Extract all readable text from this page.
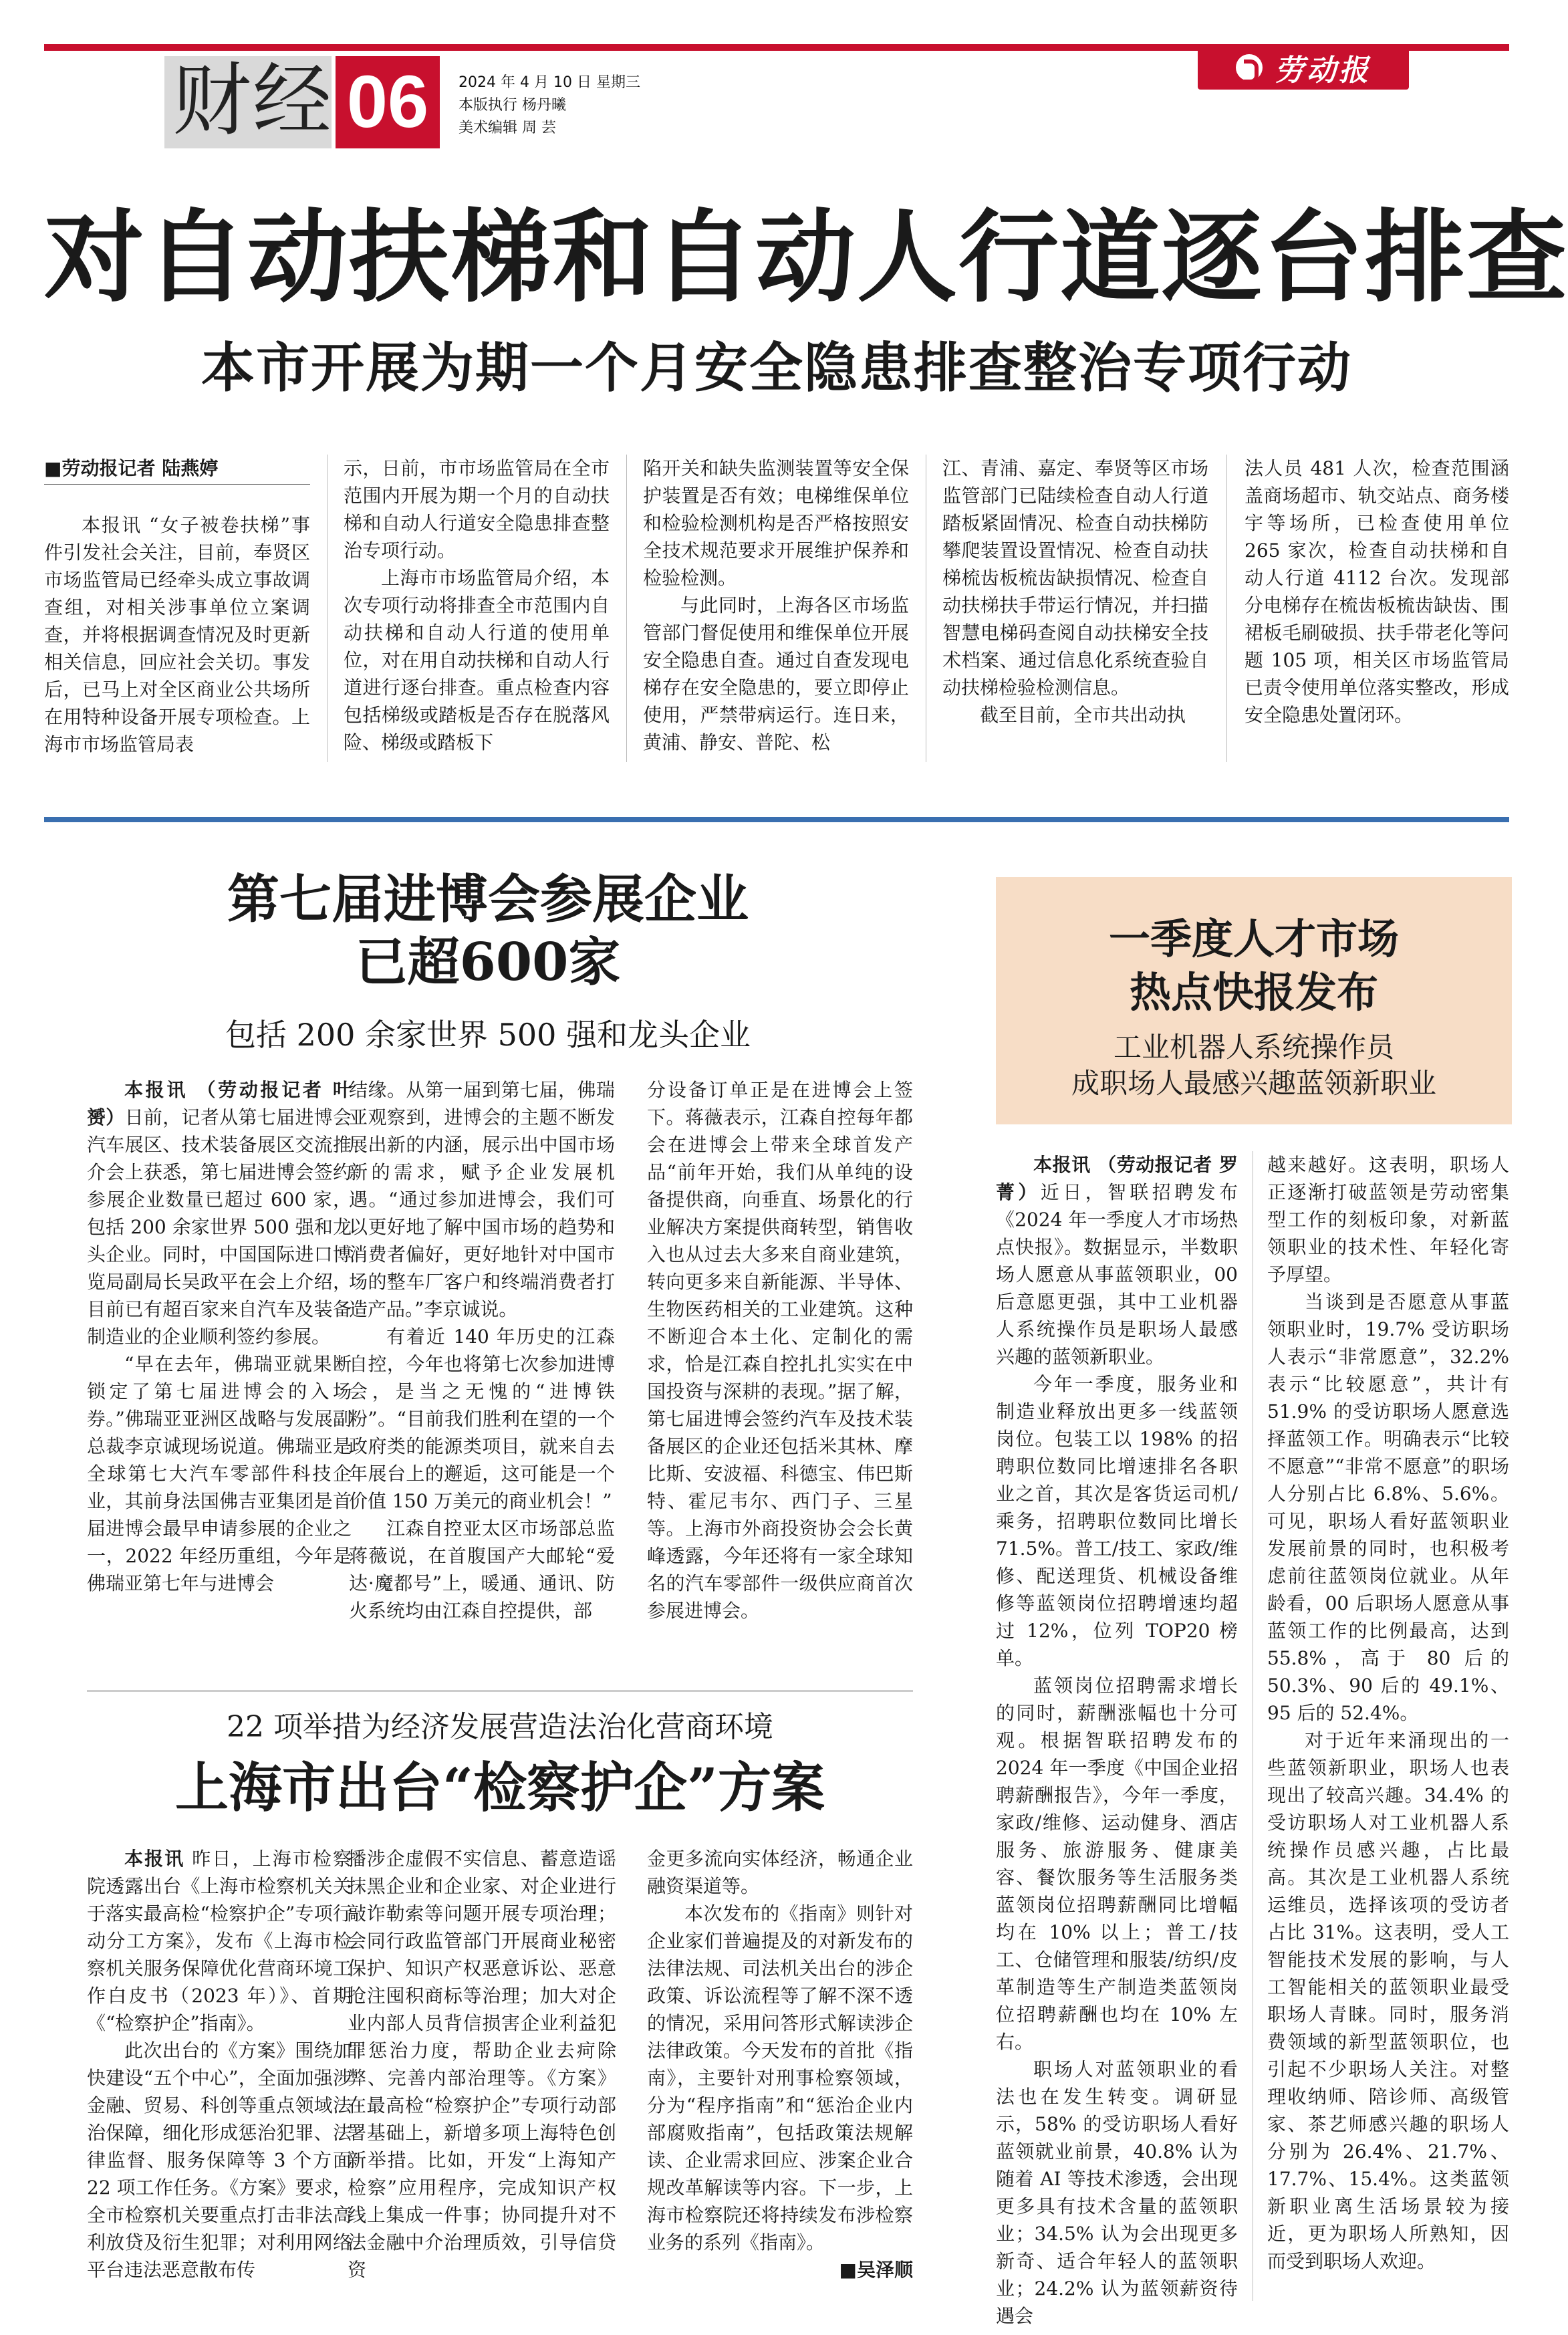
财经 06	2024 年 4 月 10 日 星期三
本版执行 杨丹曦
美术编辑 周 芸
劳动报
对自动扶梯和自动人行道逐台排查
本市开展为期一个月安全隐患排查整治专项行动
■劳动报记者 陆燕婷

本报讯 “女子被卷扶梯”事件引发社会关注，目前，奉贤区市场监管局已经牵头成立事故调查组，对相关涉事单位立案调查，并将根据调查情况及时更新相关信息，回应社会关切。事发后，已马上对全区商业公共场所在用特种设备开展专项检查。上海市市场监管局表

示，日前，市市场监管局在全市范围内开展为期一个月的自动扶梯和自动人行道安全隐患排查整治专项行动。

上海市市场监管局介绍，本次专项行动将排查全市范围内自动扶梯和自动人行道的使用单位，对在用自动扶梯和自动人行道进行逐台排查。重点检查内容包括梯级或踏板是否存在脱落风险、梯级或踏板下

陷开关和缺失监测装置等安全保护装置是否有效；电梯维保单位和检验检测机构是否严格按照安全技术规范要求开展维护保养和检验检测。

与此同时，上海各区市场监管部门督促使用和维保单位开展安全隐患自查。通过自查发现电梯存在安全隐患的，要立即停止使用，严禁带病运行。连日来，黄浦、静安、普陀、松

江、青浦、嘉定、奉贤等区市场监管部门已陆续检查自动人行道踏板紧固情况、检查自动扶梯防攀爬装置设置情况、检查自动扶梯梳齿板梳齿缺损情况、检查自动扶梯扶手带运行情况，并扫描智慧电梯码查阅自动扶梯安全技术档案、通过信息化系统查验自动扶梯检验检测信息。

截至目前，全市共出动执

法人员 481 人次，检查范围涵盖商场超市、轨交站点、商务楼宇等场所，已检查使用单位 265 家次，检查自动扶梯和自动人行道 4112 台次。发现部分电梯存在梳齿板梳齿缺齿、围裙板毛刷破损、扶手带老化等问题 105 项，相关区市场监管局已责令使用单位落实整改，形成安全隐患处置闭环。
第七届进博会参展企业
已超600家
包括 200 余家世界 500 强和龙头企业

本报讯 （劳动报记者 叶赟）日前，记者从第七届进博会汽车展区、技术装备展区交流推介会上获悉，第七届进博会签约参展企业数量已超过 600 家，包括 200 余家世界 500 强和龙头企业。同时，中国国际进口博览局副局长吴政平在会上介绍，目前已有超百家来自汽车及装备制造业的企业顺利签约参展。

“早在去年，佛瑞亚就果断锁定了第七届进博会的入场券。”佛瑞亚亚洲区战略与发展副总裁李京诚现场说道。佛瑞亚是全球第七大汽车零部件科技企业，其前身法国佛吉亚集团是首届进博会最早申请参展的企业之一，2022 年经历重组，今年是佛瑞亚第七年与进博会

结缘。从第一届到第七届，佛瑞亚观察到，进博会的主题不断发展出新的内涵，展示出中国市场新的需求，赋予企业发展机遇。“通过参加进博会，我们可以更好地了解中国市场的趋势和消费者偏好，更好地针对中国市场的整车厂客户和终端消费者打造产品。”李京诚说。

有着近 140 年历史的江森自控，今年也将第七次参加进博会，是当之无愧的“进博铁粉”。“目前我们胜利在望的一个政府类的能源类项目，就来自去年展台上的邂逅，这可能是一个价值 150 万美元的商业机会！”

江森自控亚太区市场部总监蒋薇说，在首腹国产大邮轮“爱达·魔都号”上，暖通、通讯、防火系统均由江森自控提供，部

分设备订单正是在进博会上签下。蒋薇表示，江森自控每年都会在进博会上带来全球首发产品“前年开始，我们从单纯的设备提供商，向垂直、场景化的行业解决方案提供商转型，销售收入也从过去大多来自商业建筑，转向更多来自新能源、半导体、生物医药相关的工业建筑。这种不断迎合本土化、定制化的需求，恰是江森自控扎扎实实在中国投资与深耕的表现。”据了解，第七届进博会签约汽车及技术装备展区的企业还包括米其林、摩比斯、安波福、科德宝、伟巴斯特、霍尼韦尔、西门子、三星等。上海市外商投资协会会长黄峰透露，今年还将有一家全球知名的汽车零部件一级供应商首次参展进博会。
22 项举措为经济发展营造法治化营商环境
上海市出台“检察护企”方案

本报讯 昨日，上海市检察院透露出台《上海市检察机关关于落实最高检“检察护企”专项行动分工方案》，发布《上海市检察机关服务保障优化营商环境工作白皮书（2023 年）》、首期《“检察护企”指南》。

此次出台的《方案》围绕加快建设“五个中心”，全面加强涉金融、贸易、科创等重点领域法治保障，细化形成惩治犯罪、法律监督、服务保障等 3 个方面 22 项工作任务。《方案》要求，全市检察机关要重点打击非法高利放贷及衍生犯罪；对利用网络平台违法恶意散布传

播涉企虚假不实信息、蓄意造谣抹黑企业和企业家、对企业进行敲诈勒索等问题开展专项治理；会同行政监管部门开展商业秘密保护、知识产权恶意诉讼、恶意抢注囤积商标等治理；加大对企业内部人员背信损害企业利益犯罪惩治力度，帮助企业去疴除弊、完善内部治理等。《方案》在最高检“检察护企”专项行动部署基础上，新增多项上海特色创新举措。比如，开发“上海知产检察”应用程序，完成知识产权线上集成一件事；协同提升对不法金融中介治理质效，引导信贷资
金更多流向实体经济，畅通企业融资渠道等。

本次发布的《指南》则针对企业家们普遍提及的对新发布的法律法规、司法机关出台的涉企政策、诉讼流程等了解不深不透的情况，采用问答形式解读涉企法律政策。今天发布的首批《指南》，主要针对刑事检察领域，分为“程序指南”和“惩治企业内部腐败指南”，包括政策法规解读、企业需求回应、涉案企业合规改革解读等内容。下一步，上海市检察院还将持续发布涉检察业务的系列《指南》。

■吴泽顺
一季度人才市场
热点快报发布
工业机器人系统操作员
成职场人最感兴趣蓝领新职业

本报讯 （劳动报记者 罗菁）近日，智联招聘发布《2024 年一季度人才市场热点快报》。数据显示，半数职场人愿意从事蓝领职业，00 后意愿更强，其中工业机器人系统操作员是职场人最感兴趣的蓝领新职业。

今年一季度，服务业和制造业释放出更多一线蓝领岗位。包装工以 198% 的招聘职位数同比增速排名各职业之首，其次是客货运司机/乘务，招聘职位数同比增长 71.5%。普工/技工、家政/维修、配送理货、机械设备维修等蓝领岗位招聘增速均超过 12%，位列 TOP20 榜单。

蓝领岗位招聘需求增长的同时，薪酬涨幅也十分可观。根据智联招聘发布的 2024 年一季度《中国企业招聘薪酬报告》，今年一季度，家政/维修、运动健身、酒店服务、旅游服务、健康美容、餐饮服务等生活服务类蓝领岗位招聘薪酬同比增幅均在 10% 以上；普工/技工、仓储管理和服装/纺织/皮革制造等生产制造类蓝领岗位招聘薪酬也均在 10% 左右。

职场人对蓝领职业的看法也在发生转变。调研显示，58% 的受访职场人看好蓝领就业前景，40.8% 认为随着 AI 等技术渗透，会出现更多具有技术含量的蓝领职业；34.5% 认为会出现更多新奇、适合年轻人的蓝领职业；24.2% 认为蓝领薪资待遇会

越来越好。这表明，职场人正逐渐打破蓝领是劳动密集型工作的刻板印象，对新蓝领职业的技术性、年轻化寄予厚望。

当谈到是否愿意从事蓝领职业时，19.7% 受访职场人表示“非常愿意”，32.2% 表示“比较愿意”，共计有 51.9% 的受访职场人愿意选择蓝领工作。明确表示“比较不愿意”“非常不愿意”的职场人分别占比 6.8%、5.6%。可见，职场人看好蓝领职业发展前景的同时，也积极考虑前往蓝领岗位就业。从年龄看，00 后职场人愿意从事蓝领工作的比例最高，达到 55.8%，高于 80 后的 50.3%、90 后的 49.1%、95 后的 52.4%。

对于近年来涌现出的一些蓝领新职业，职场人也表现出了较高兴趣。34.4% 的受访职场人对工业机器人系统操作员感兴趣，占比最高。其次是工业机器人系统运维员，选择该项的受访者占比 31%。这表明，受人工智能技术发展的影响，与人工智能相关的蓝领职业最受职场人青睐。同时，服务消费领域的新型蓝领职位，也引起不少职场人关注。对整理收纳师、陪诊师、高级管家、茶艺师感兴趣的职场人分别为 26.4%、21.7%、17.7%、15.4%。这类蓝领新职业离生活场景较为接近，更为职场人所熟知，因而受到职场人欢迎。
